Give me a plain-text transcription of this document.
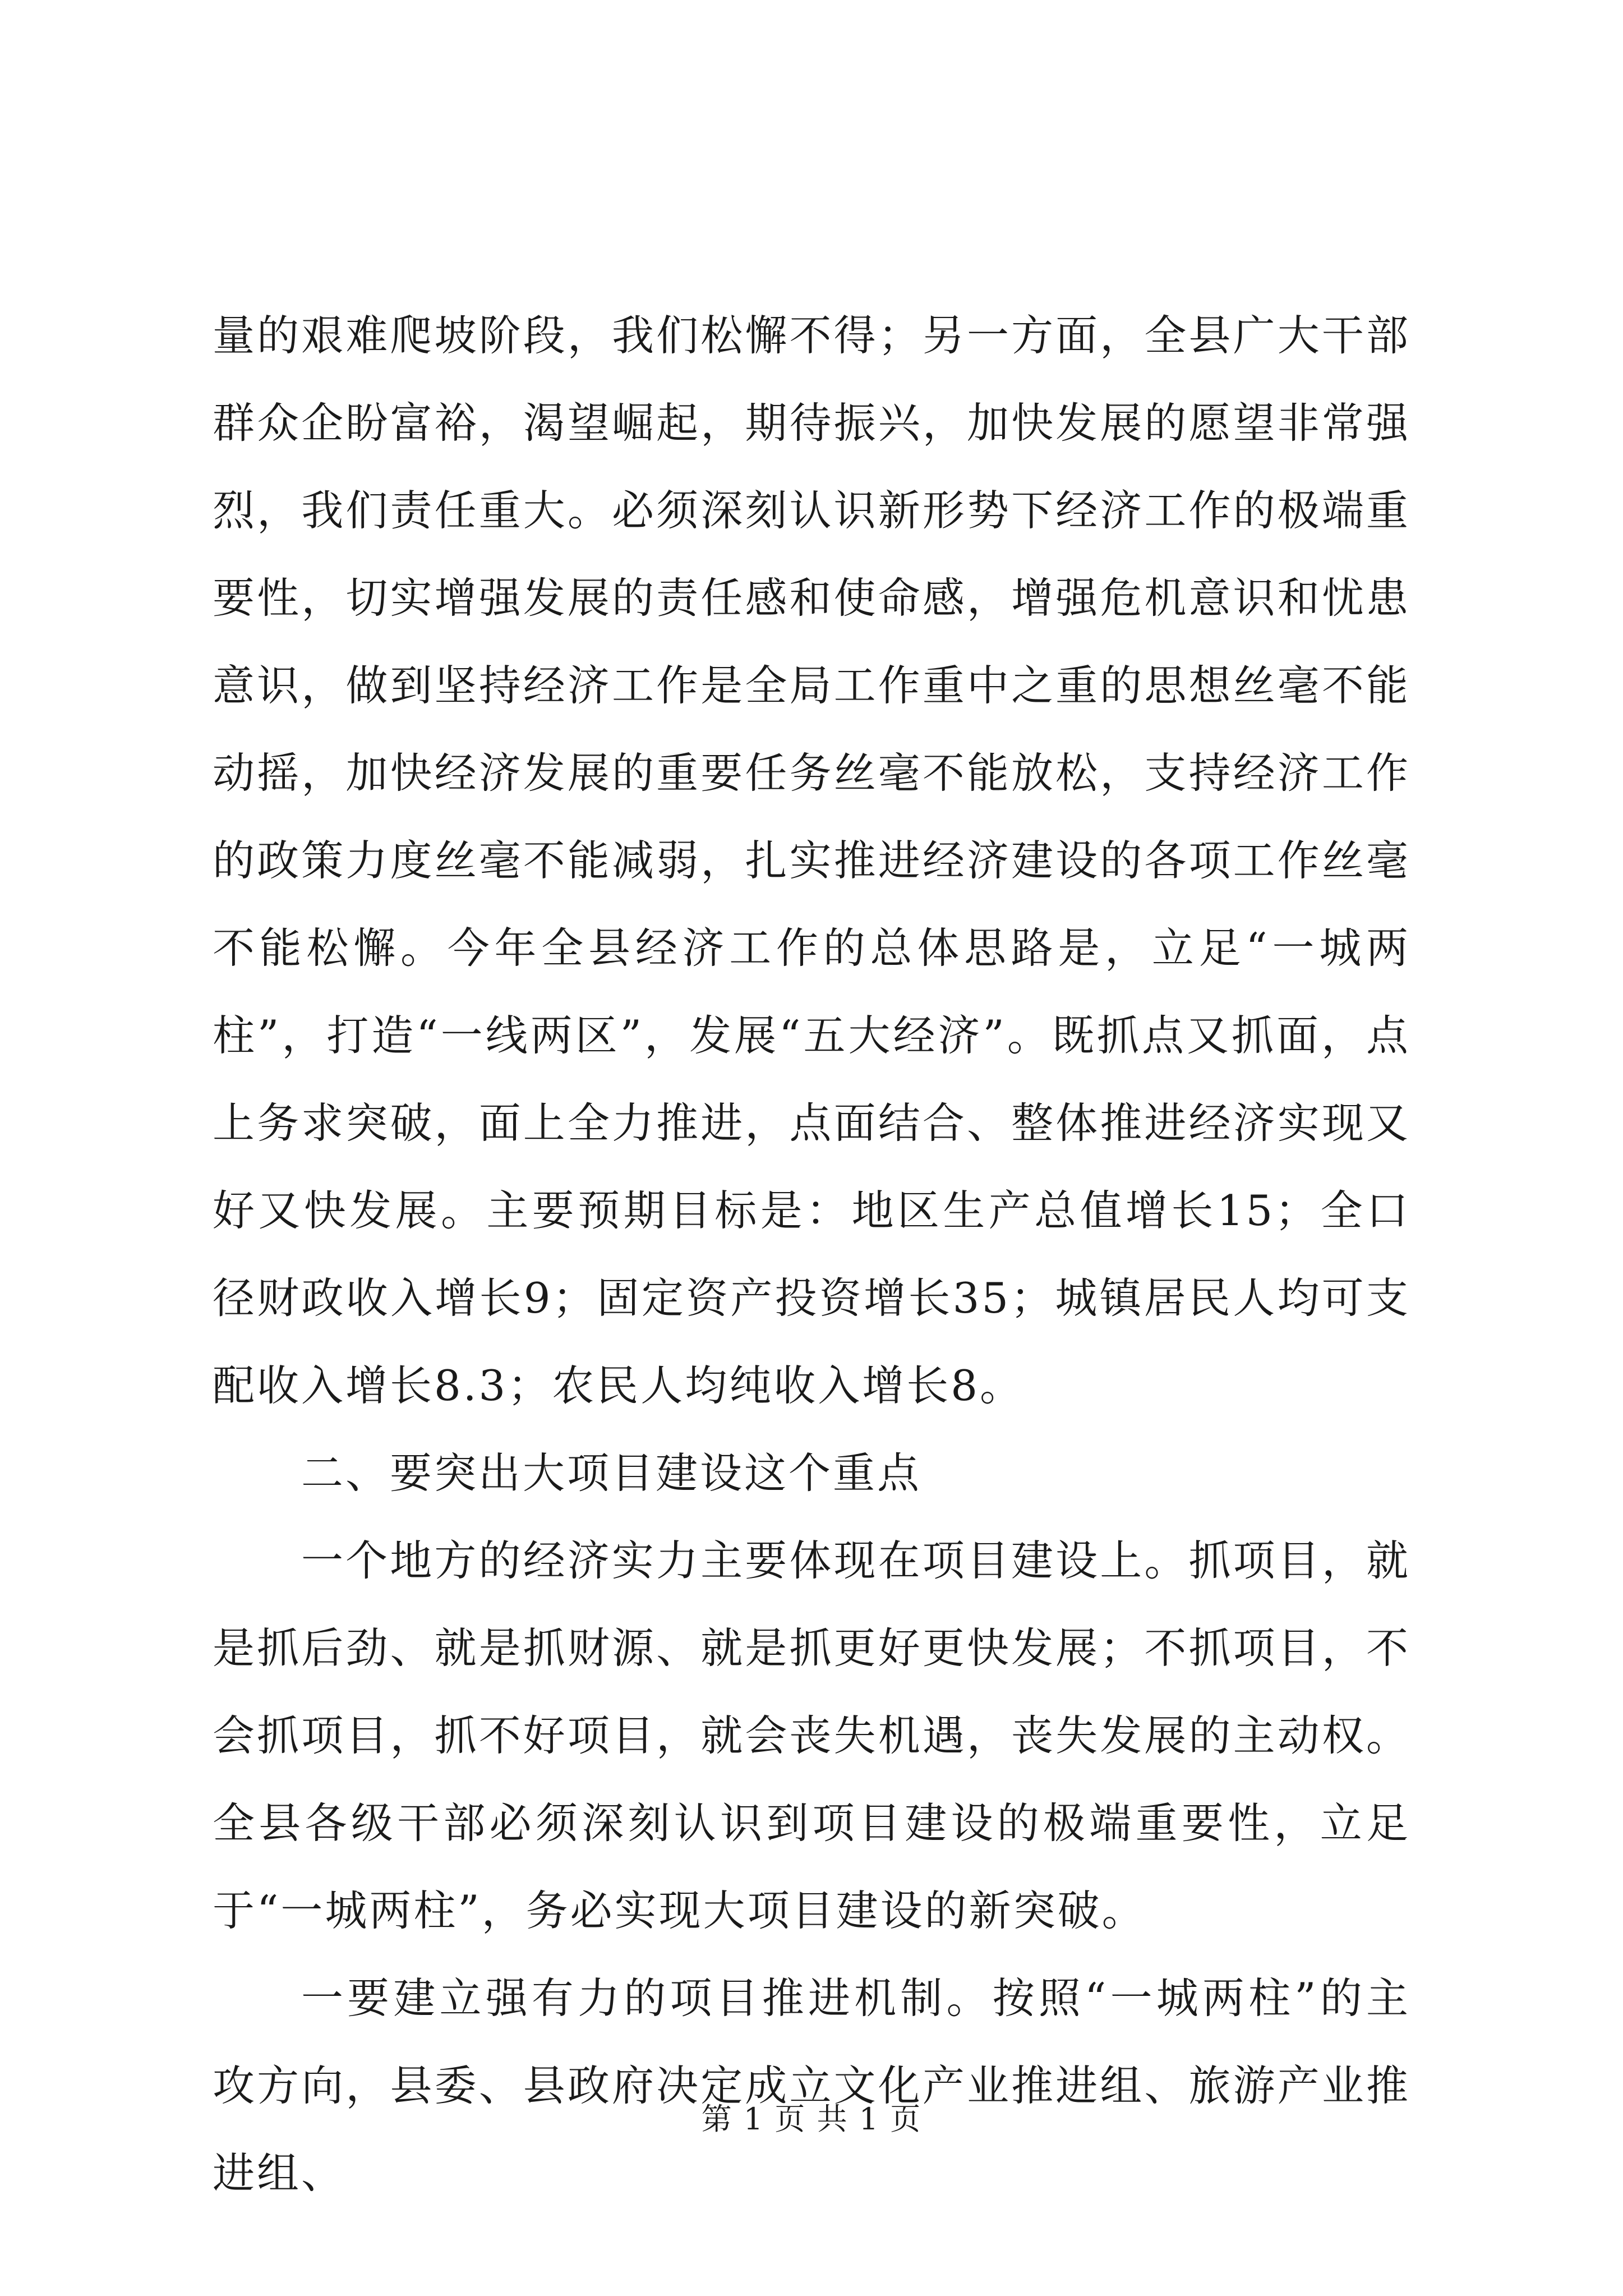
量的艰难爬坡阶段，我们松懈不得；另一方面，全县广大干部群众企盼富裕，渴望崛起，期待振兴，加快发展的愿望非常强烈，我们责任重大。必须深刻认识新形势下经济工作的极端重要性，切实增强发展的责任感和使命感，增强危机意识和忧患意识，做到坚持经济工作是全局工作重中之重的思想丝毫不能动摇，加快经济发展的重要任务丝毫不能放松，支持经济工作的政策力度丝毫不能减弱，扎实推进经济建设的各项工作丝毫不能松懈。今年全县经济工作的总体思路是，立足“一城两柱”，打造“一线两区”，发展“五大经济”。既抓点又抓面，点上务求突破，面上全力推进，点面结合、整体推进经济实现又好又快发展。主要预期目标是：地区生产总值增长15；全口径财政收入增长9；固定资产投资增长35；城镇居民人均可支配收入增长8.3；农民人均纯收入增长8。

二、要突出大项目建设这个重点

一个地方的经济实力主要体现在项目建设上。抓项目，就是抓后劲、就是抓财源、就是抓更好更快发展；不抓项目，不会抓项目，抓不好项目，就会丧失机遇，丧失发展的主动权。全县各级干部必须深刻认识到项目建设的极端重要性，立足于“一城两柱”，务必实现大项目建设的新突破。

一要建立强有力的项目推进机制。按照“一城两柱”的主攻方向，县委、县政府决定成立文化产业推进组、旅游产业推进组、

第 1 页 共 1 页
